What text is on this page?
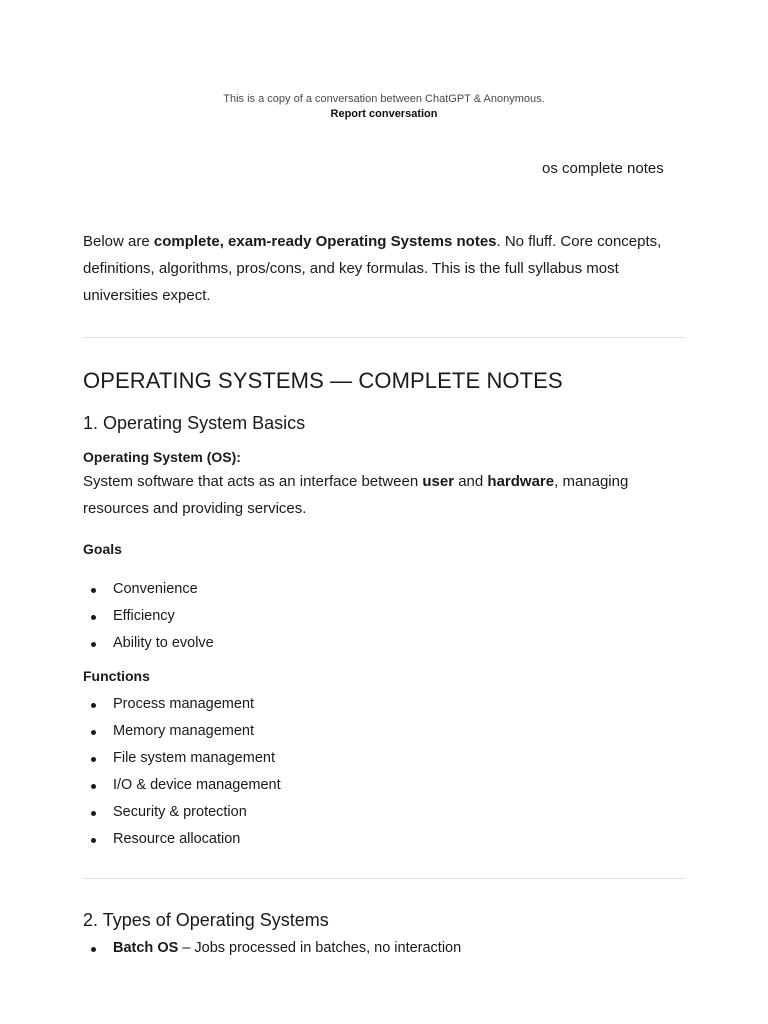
This is a copy of a conversation between ChatGPT & Anonymous.
Report conversation
os complete notes

Below are complete, exam-ready Operating Systems notes. No fluff. Core concepts, definitions, algorithms, pros/cons, and key formulas. This is the full syllabus most universities expect.

OPERATING SYSTEMS — COMPLETE NOTES
1. Operating System Basics
Operating System (OS):

System software that acts as an interface between user and hardware, managing resources and providing services.

Goals
Convenience
Efficiency
Ability to evolve
Functions
Process management
Memory management
File system management
I/O & device management
Security & protection
Resource allocation
2. Types of Operating Systems
Batch OS – Jobs processed in batches, no interaction
